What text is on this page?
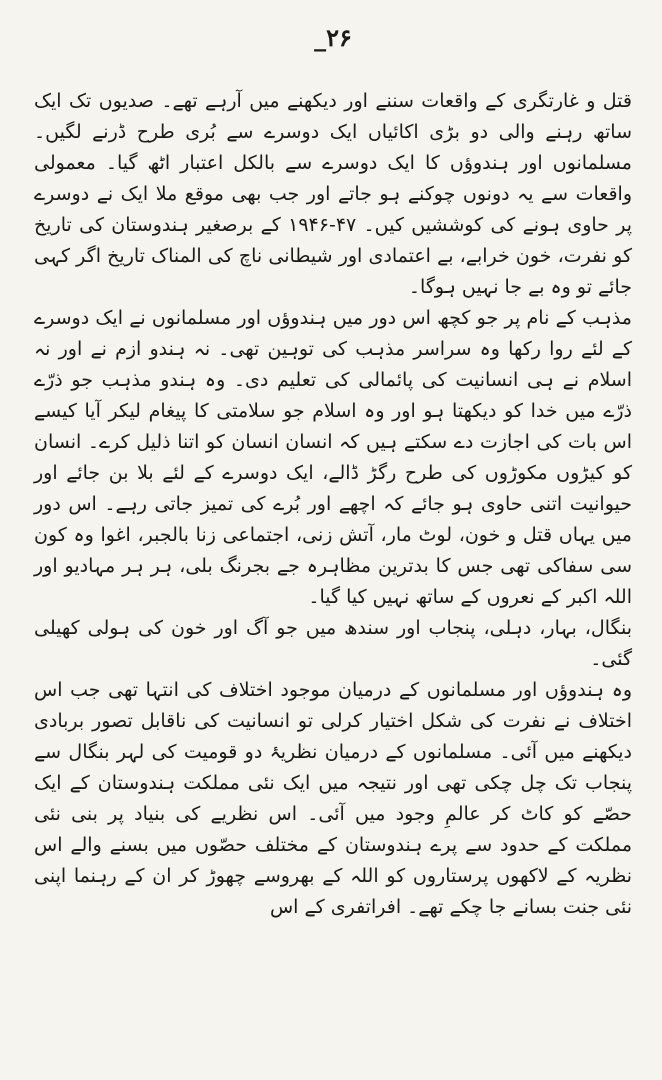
_۲۶

قتل و غارتگری کے واقعات سننے اور دیکھنے میں آرہے تھے۔ صدیوں تک ایک ساتھ رہنے والی دو بڑی اکائیاں ایک دوسرے سے بُری طرح ڈرنے لگیں۔ مسلمانوں اور ہندوؤں کا ایک دوسرے سے بالکل اعتبار اٹھ گیا۔ معمولی واقعات سے یہ دونوں چوکنے ہو جاتے اور جب بھی موقع ملا ایک نے دوسرے پر حاوی ہونے کی کوششیں کیں۔ ۴۷-۱۹۴۶ کے برصغیر ہندوستان کی تاریخ کو نفرت، خون خرابے، بے اعتمادی اور شیطانی ناچ کی المناک تاریخ اگر کہی جائے تو وہ بے جا نہیں ہوگا۔

مذہب کے نام پر جو کچھ اس دور میں ہندوؤں اور مسلمانوں نے ایک دوسرے کے لئے روا رکھا وہ سراسر مذہب کی توہین تھی۔ نہ ہندو ازم نے اور نہ اسلام نے ہی انسانیت کی پائمالی کی تعلیم دی۔ وہ ہندو مذہب جو ذرّے ذرّے میں خدا کو دیکھتا ہو اور وہ اسلام جو سلامتی کا پیغام لیکر آیا کیسے اس بات کی اجازت دے سکتے ہیں کہ انسان انسان کو اتنا ذلیل کرے۔ انسان کو کیڑوں مکوڑوں کی طرح رگڑ ڈالے، ایک دوسرے کے لئے بلا بن جائے اور حیوانیت اتنی حاوی ہو جائے کہ اچھے اور بُرے کی تمیز جاتی رہے۔ اس دور میں یہاں قتل و خون، لوٹ مار، آتش زنی، اجتماعی زنا بالجبر، اغوا وہ کون سی سفاکی تھی جس کا بدترین مظاہرہ جے بجرنگ بلی، ہر ہر مہادیو اور اللہ اکبر کے نعروں کے ساتھ نہیں کیا گیا۔

بنگال، بہار، دہلی، پنجاب اور سندھ میں جو آگ اور خون کی ہولی کھیلی گئی۔

وہ ہندوؤں اور مسلمانوں کے درمیان موجود اختلاف کی انتہا تھی جب اس اختلاف نے نفرت کی شکل اختیار کرلی تو انسانیت کی ناقابل تصور بربادی دیکھنے میں آئی۔ مسلمانوں کے درمیان نظریۂ دو قومیت کی لہر بنگال سے پنجاب تک چل چکی تھی اور نتیجہ میں ایک نئی مملکت ہندوستان کے ایک حصّے کو کاٹ کر عالمِ وجود میں آئی۔ اس نظریے کی بنیاد پر بنی نئی مملکت کے حدود سے پرے ہندوستان کے مختلف حصّوں میں بسنے والے اس نظریہ کے لاکھوں پرستاروں کو اللہ کے بھروسے چھوڑ کر ان کے رہنما اپنی نئی جنت بسانے جا چکے تھے۔ افراتفری کے اس
